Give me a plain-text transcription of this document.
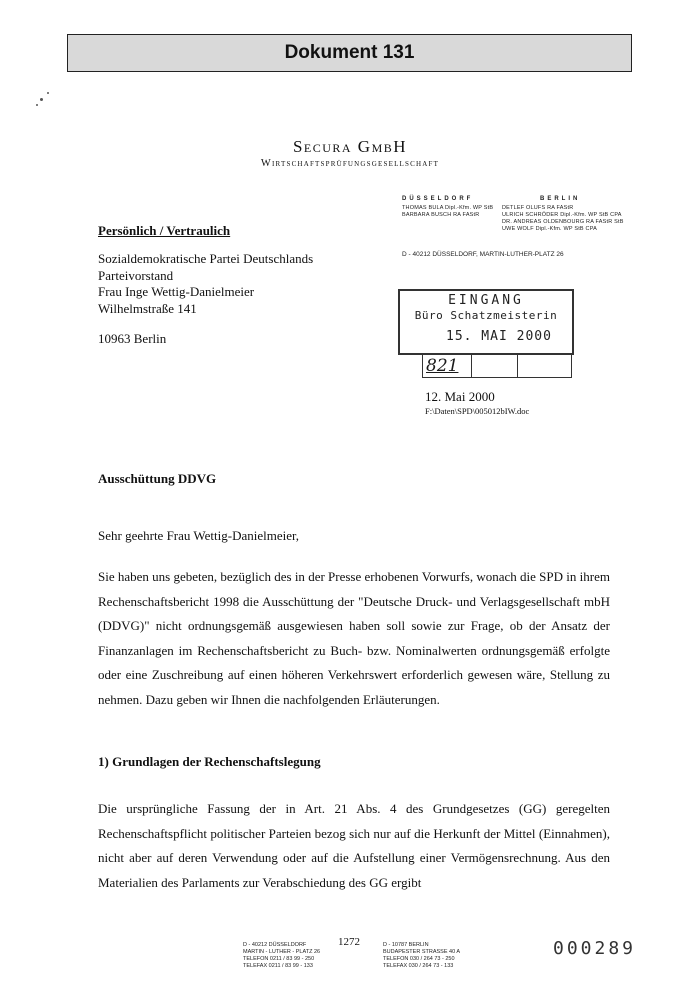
Dokument 131
Secura GmbH
Wirtschaftsprüfungsgesellschaft
DÜSSELDORF
THOMAS BULA Dipl.-Kfm. WP StB
BARBARA BUSCH RA FAStR
BERLIN
DETLEF OLUFS RA FAStR
ULRICH SCHRÖDER Dipl.-Kfm. WP StB CPA
DR. ANDREAS OLDENBOURG RA FAStR StB
UWE WOLF Dipl.-Kfm. WP StB CPA
D - 40212 DÜSSELDORF, MARTIN-LUTHER-PLATZ 26
Persönlich / Vertraulich
Sozialdemokratische Partei Deutschlands
Parteivorstand
Frau Inge Wettig-Danielmeier
Wilhelmstraße 141
10963 Berlin
EINGANG
Büro Schatzmeisterin
15. MAI 2000
821
12. Mai 2000
F:\Daten\SPD\005012bIW.doc
Ausschüttung DDVG
Sehr geehrte Frau Wettig-Danielmeier,
Sie haben uns gebeten, bezüglich des in der Presse erhobenen Vorwurfs, wonach die SPD in ihrem Rechenschaftsbericht 1998 die Ausschüttung der "Deutsche Druck- und Verlagsgesellschaft mbH (DDVG)" nicht ordnungsgemäß ausgewiesen haben soll sowie zur Frage, ob der Ansatz der Finanzanlagen im Rechenschaftsbericht zu Buch- bzw. Nominalwerten ordnungsgemäß erfolgte oder eine Zuschreibung auf einen höheren Verkehrswert erforderlich gewesen wäre, Stellung zu nehmen. Dazu geben wir Ihnen die nachfolgenden Erläuterungen.
1) Grundlagen der Rechenschaftslegung
Die ursprüngliche Fassung der in Art. 21 Abs. 4 des Grundgesetzes (GG) geregelten Rechenschaftspflicht politischer Parteien bezog sich nur auf die Herkunft der Mittel (Einnahmen), nicht aber auf deren Verwendung oder auf die Aufstellung einer Vermögensrechnung. Aus den Materialien des Parlaments zur Verabschiedung des GG ergibt
D - 40212 DÜSSELDORF
MARTIN - LUTHER - PLATZ 26
TELEFON 0211 / 83 99 - 250
TELEFAX 0211 / 83 99 - 133
1272	D - 10787 BERLIN
BUDAPESTER STRASSE 40 A
TELEFON 030 / 264 73 - 250
TELEFAX 030 / 264 73 - 133
000289
